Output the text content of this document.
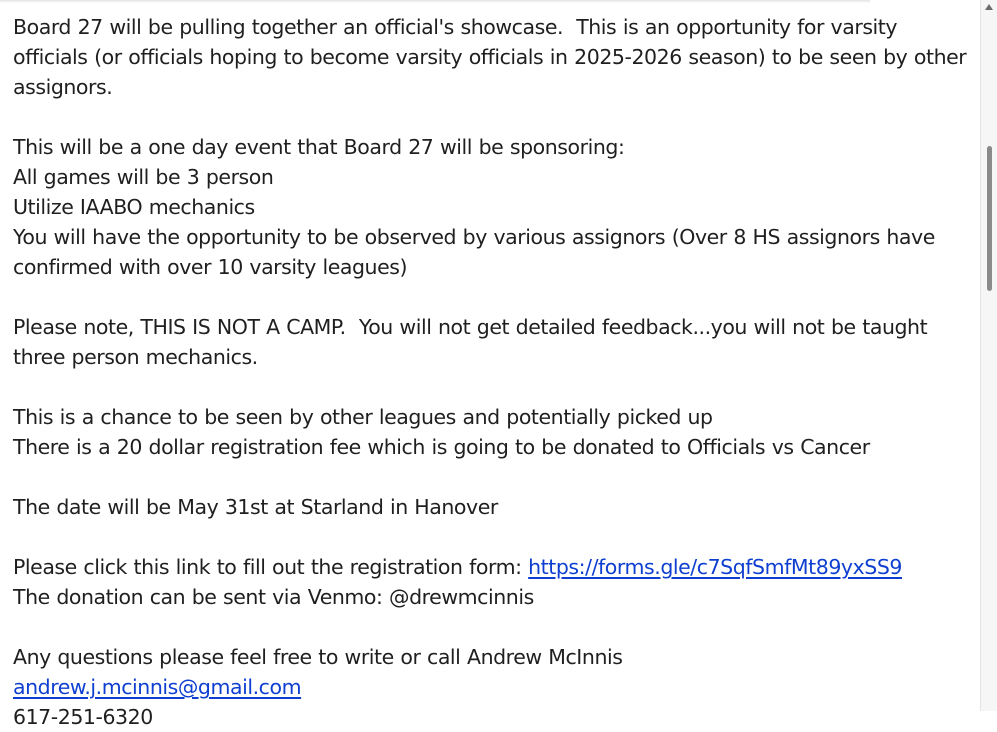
Board 27 will be pulling together an official's showcase.  This is an opportunity for varsity
officials (or officials hoping to become varsity officials in 2025-2026 season) to be seen by other
assignors.
This will be a one day event that Board 27 will be sponsoring:
All games will be 3 person
Utilize IAABO mechanics
You will have the opportunity to be observed by various assignors (Over 8 HS assignors have
confirmed with over 10 varsity leagues)
Please note, THIS IS NOT A CAMP.  You will not get detailed feedback...you will not be taught
three person mechanics.
This is a chance to be seen by other leagues and potentially picked up
There is a 20 dollar registration fee which is going to be donated to Officials vs Cancer
The date will be May 31st at Starland in Hanover
Please click this link to fill out the registration form: https://forms.gle/c7SqfSmfMt89yxSS9
The donation can be sent via Venmo: @drewmcinnis
Any questions please feel free to write or call Andrew McInnis
andrew.j.mcinnis@gmail.com
617-251-6320
